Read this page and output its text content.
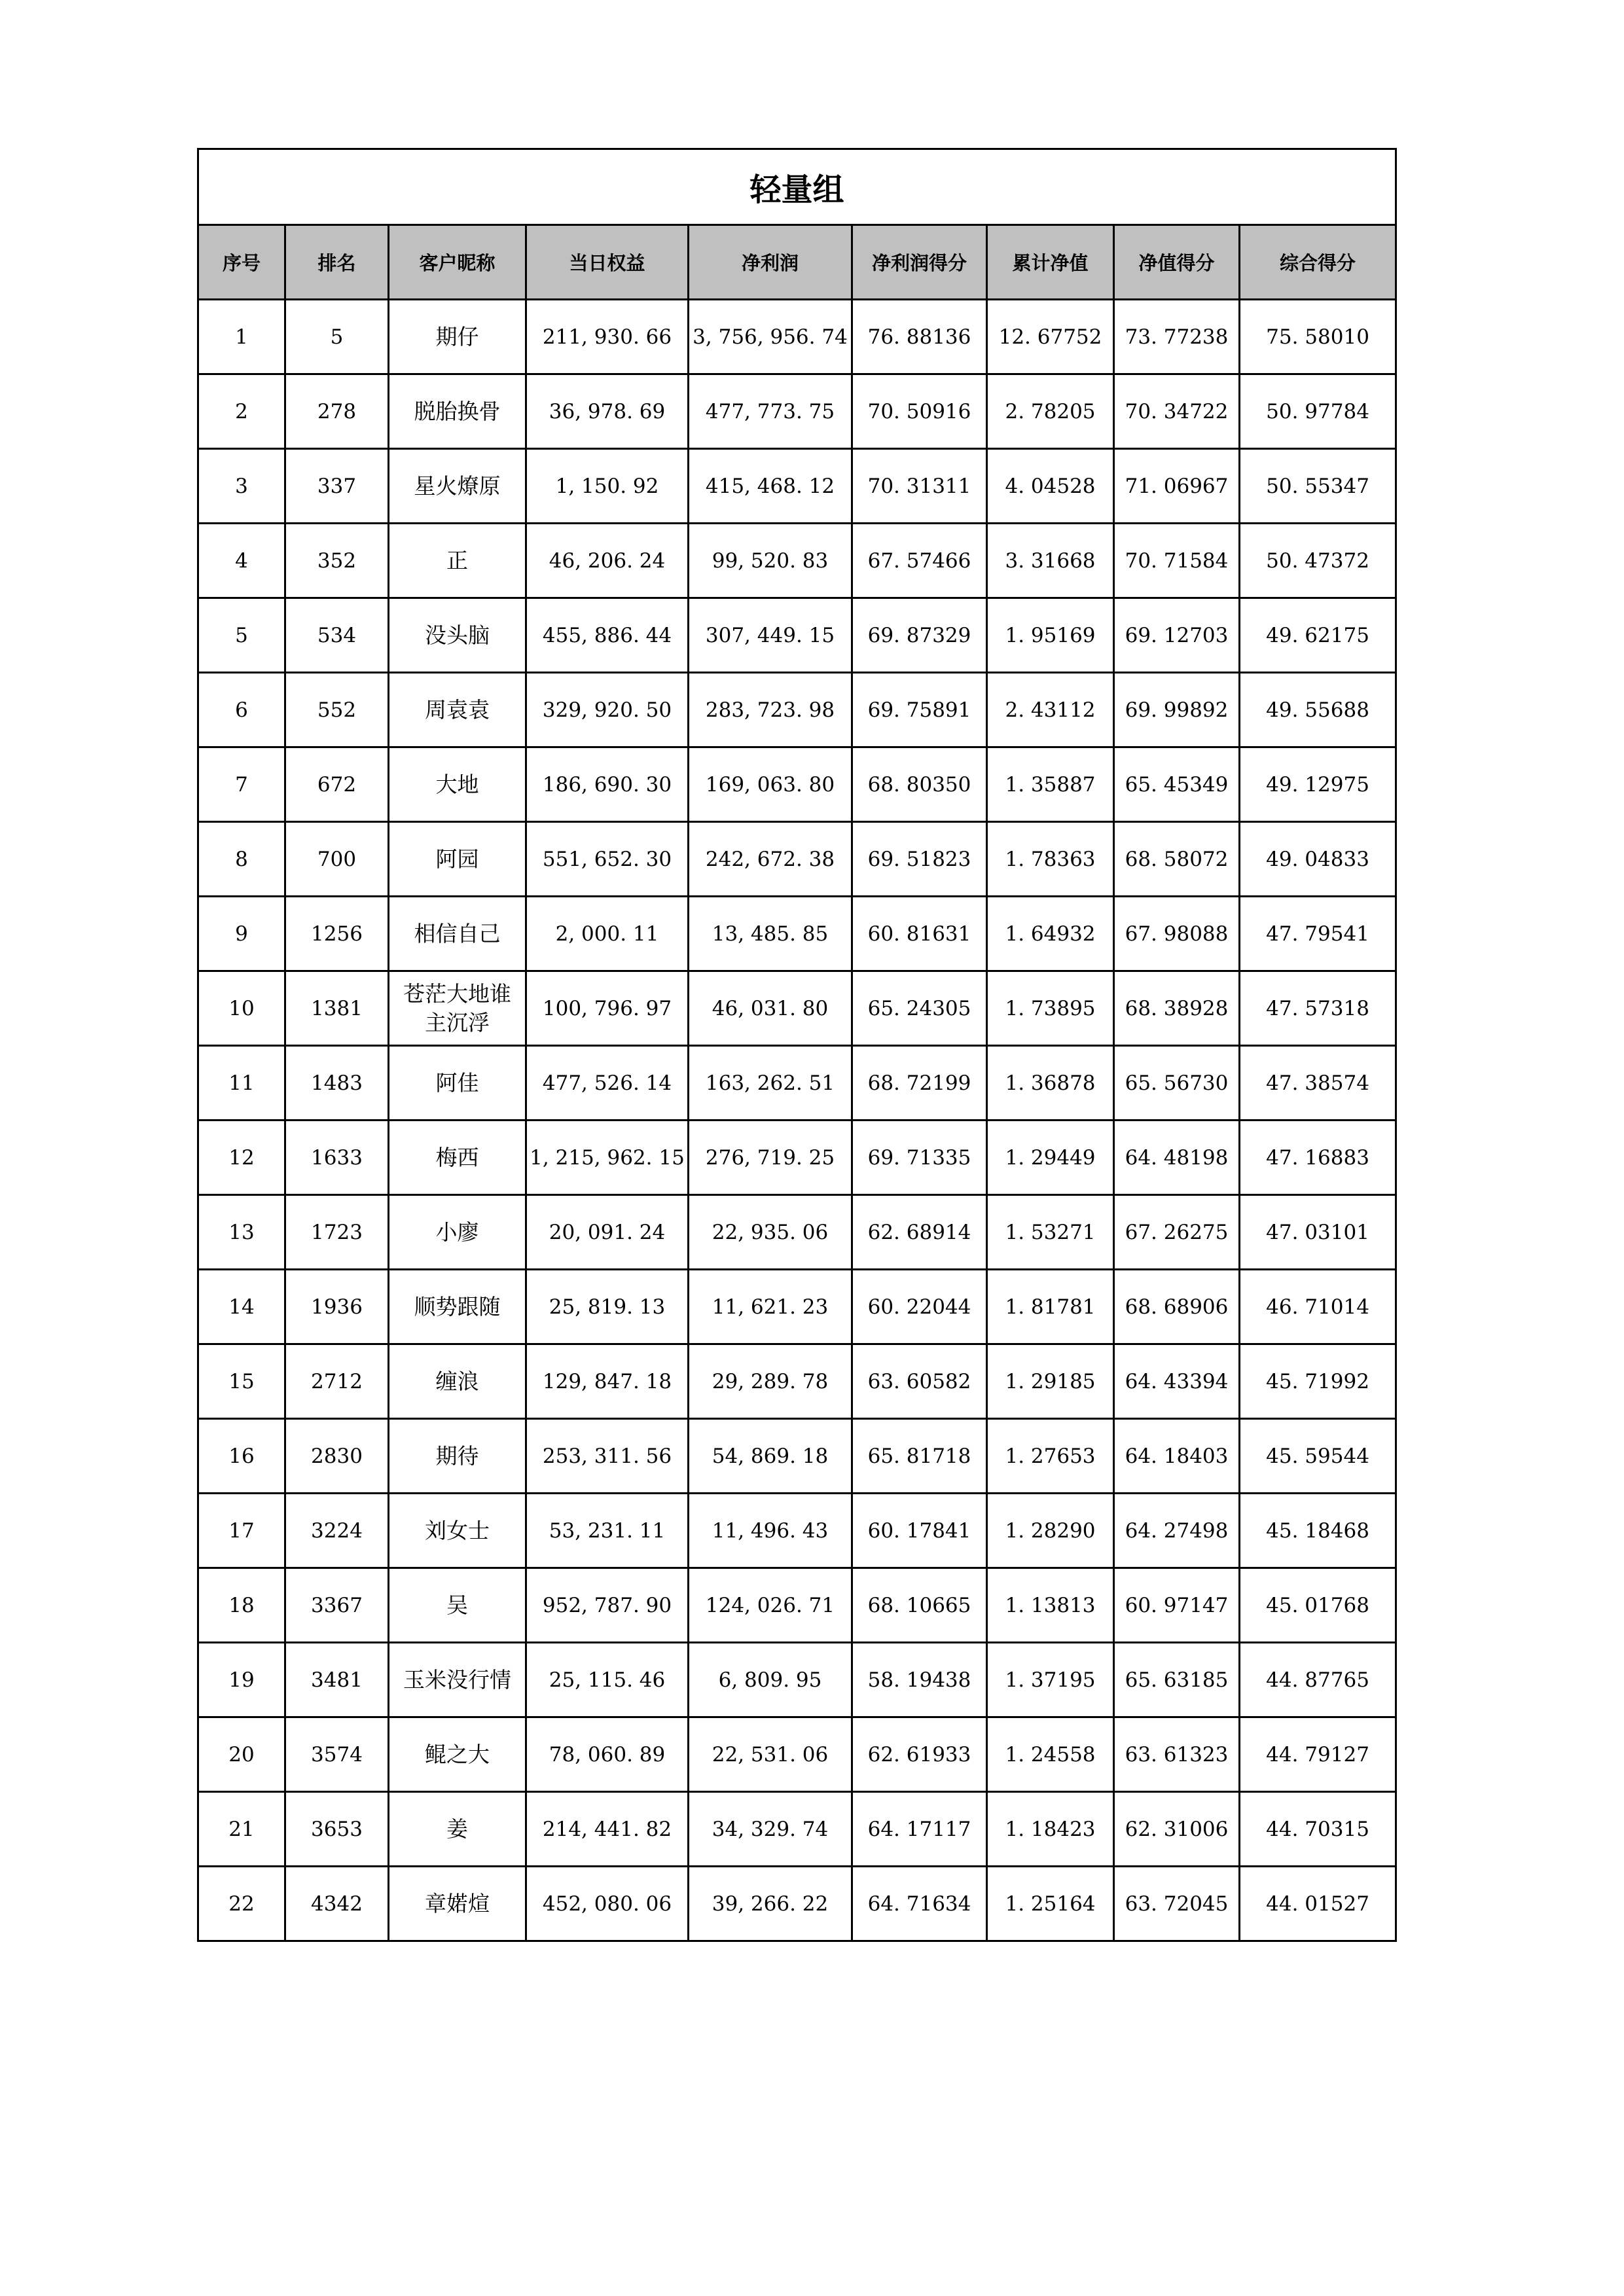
轻量组								
序号	排名	客户昵称	当日权益	净利润	净利润得分	累计净值	净值得分	综合得分
1	5	期仔	211, 930. 66	3, 756, 956. 74	76. 88136	12. 67752	73. 77238	75. 58010
2	278	脱胎换骨	36, 978. 69	477, 773. 75	70. 50916	2. 78205	70. 34722	50. 97784
3	337	星火燎原	1, 150. 92	415, 468. 12	70. 31311	4. 04528	71. 06967	50. 55347
4	352	正	46, 206. 24	99, 520. 83	67. 57466	3. 31668	70. 71584	50. 47372
5	534	没头脑	455, 886. 44	307, 449. 15	69. 87329	1. 95169	69. 12703	49. 62175
6	552	周袁袁	329, 920. 50	283, 723. 98	69. 75891	2. 43112	69. 99892	49. 55688
7	672	大地	186, 690. 30	169, 063. 80	68. 80350	1. 35887	65. 45349	49. 12975
8	700	阿园	551, 652. 30	242, 672. 38	69. 51823	1. 78363	68. 58072	49. 04833
9	1256	相信自己	2, 000. 11	13, 485. 85	60. 81631	1. 64932	67. 98088	47. 79541
10	1381	苍茫大地谁主沉浮	100, 796. 97	46, 031. 80	65. 24305	1. 73895	68. 38928	47. 57318
11	1483	阿佳	477, 526. 14	163, 262. 51	68. 72199	1. 36878	65. 56730	47. 38574
12	1633	梅西	1, 215, 962. 15	276, 719. 25	69. 71335	1. 29449	64. 48198	47. 16883
13	1723	小廖	20, 091. 24	22, 935. 06	62. 68914	1. 53271	67. 26275	47. 03101
14	1936	顺势跟随	25, 819. 13	11, 621. 23	60. 22044	1. 81781	68. 68906	46. 71014
15	2712	缠浪	129, 847. 18	29, 289. 78	63. 60582	1. 29185	64. 43394	45. 71992
16	2830	期待	253, 311. 56	54, 869. 18	65. 81718	1. 27653	64. 18403	45. 59544
17	3224	刘女士	53, 231. 11	11, 496. 43	60. 17841	1. 28290	64. 27498	45. 18468
18	3367	吴	952, 787. 90	124, 026. 71	68. 10665	1. 13813	60. 97147	45. 01768
19	3481	玉米没行情	25, 115. 46	6, 809. 95	58. 19438	1. 37195	65. 63185	44. 87765
20	3574	鲲之大	78, 060. 89	22, 531. 06	62. 61933	1. 24558	63. 61323	44. 79127
21	3653	姜	214, 441. 82	34, 329. 74	64. 17117	1. 18423	62. 31006	44. 70315
22	4342	章婼煊	452, 080. 06	39, 266. 22	64. 71634	1. 25164	63. 72045	44. 01527
